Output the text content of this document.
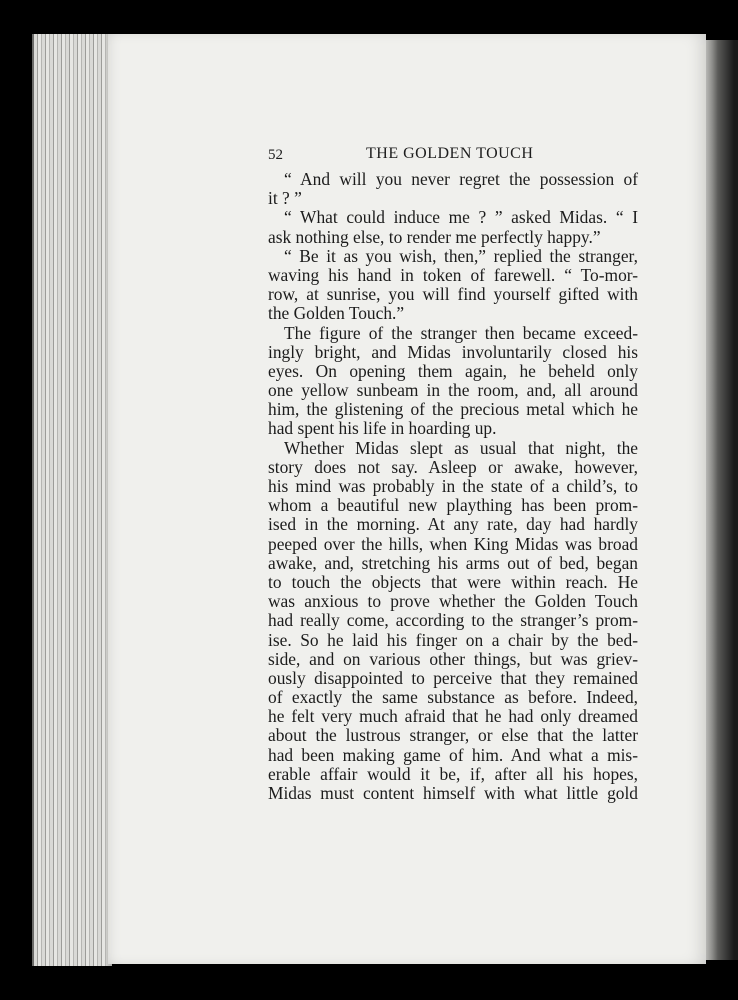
52	THE GOLDEN TOUCH
“ And will you never regret the possession of
it ? ”
“ What could induce me ? ” asked Midas. “ I
ask nothing else, to render me perfectly happy.”
“ Be it as you wish, then,” replied the stranger,
waving his hand in token of farewell. “ To-mor-
row, at sunrise, you will find yourself gifted with
the Golden Touch.”
The figure of the stranger then became exceed-
ingly bright, and Midas involuntarily closed his
eyes. On opening them again, he beheld only
one yellow sunbeam in the room, and, all around
him, the glistening of the precious metal which he
had spent his life in hoarding up.
Whether Midas slept as usual that night, the
story does not say. Asleep or awake, however,
his mind was probably in the state of a child’s, to
whom a beautiful new plaything has been prom-
ised in the morning. At any rate, day had hardly
peeped over the hills, when King Midas was broad
awake, and, stretching his arms out of bed, began
to touch the objects that were within reach. He
was anxious to prove whether the Golden Touch
had really come, according to the stranger’s prom-
ise. So he laid his finger on a chair by the bed-
side, and on various other things, but was griev-
ously disappointed to perceive that they remained
of exactly the same substance as before. Indeed,
he felt very much afraid that he had only dreamed
about the lustrous stranger, or else that the latter
had been making game of him. And what a mis-
erable affair would it be, if, after all his hopes,
Midas must content himself with what little gold
